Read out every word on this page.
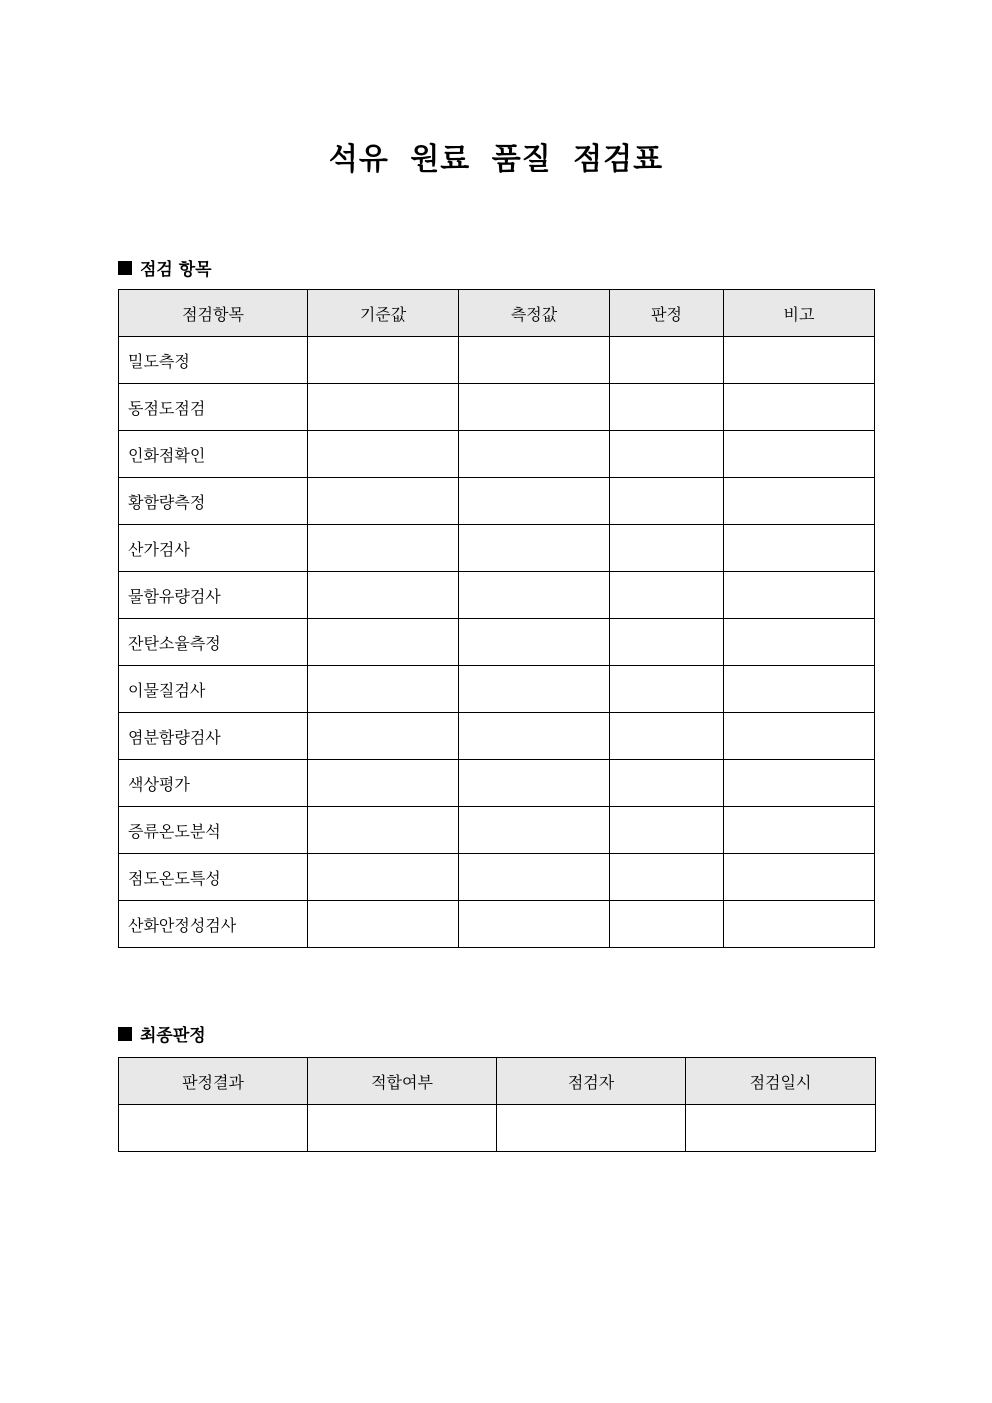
석유 원료 품질 점검표
점검 항목
점검항목	기준값	측정값	판정	비고
밀도측정				
동점도점검				
인화점확인				
황함량측정				
산가검사				
물함유량검사				
잔탄소율측정				
이물질검사				
염분함량검사				
색상평가				
증류온도분석				
점도온도특성				
산화안정성검사				
최종판정
판정결과	적합여부	점검자	점검일시
